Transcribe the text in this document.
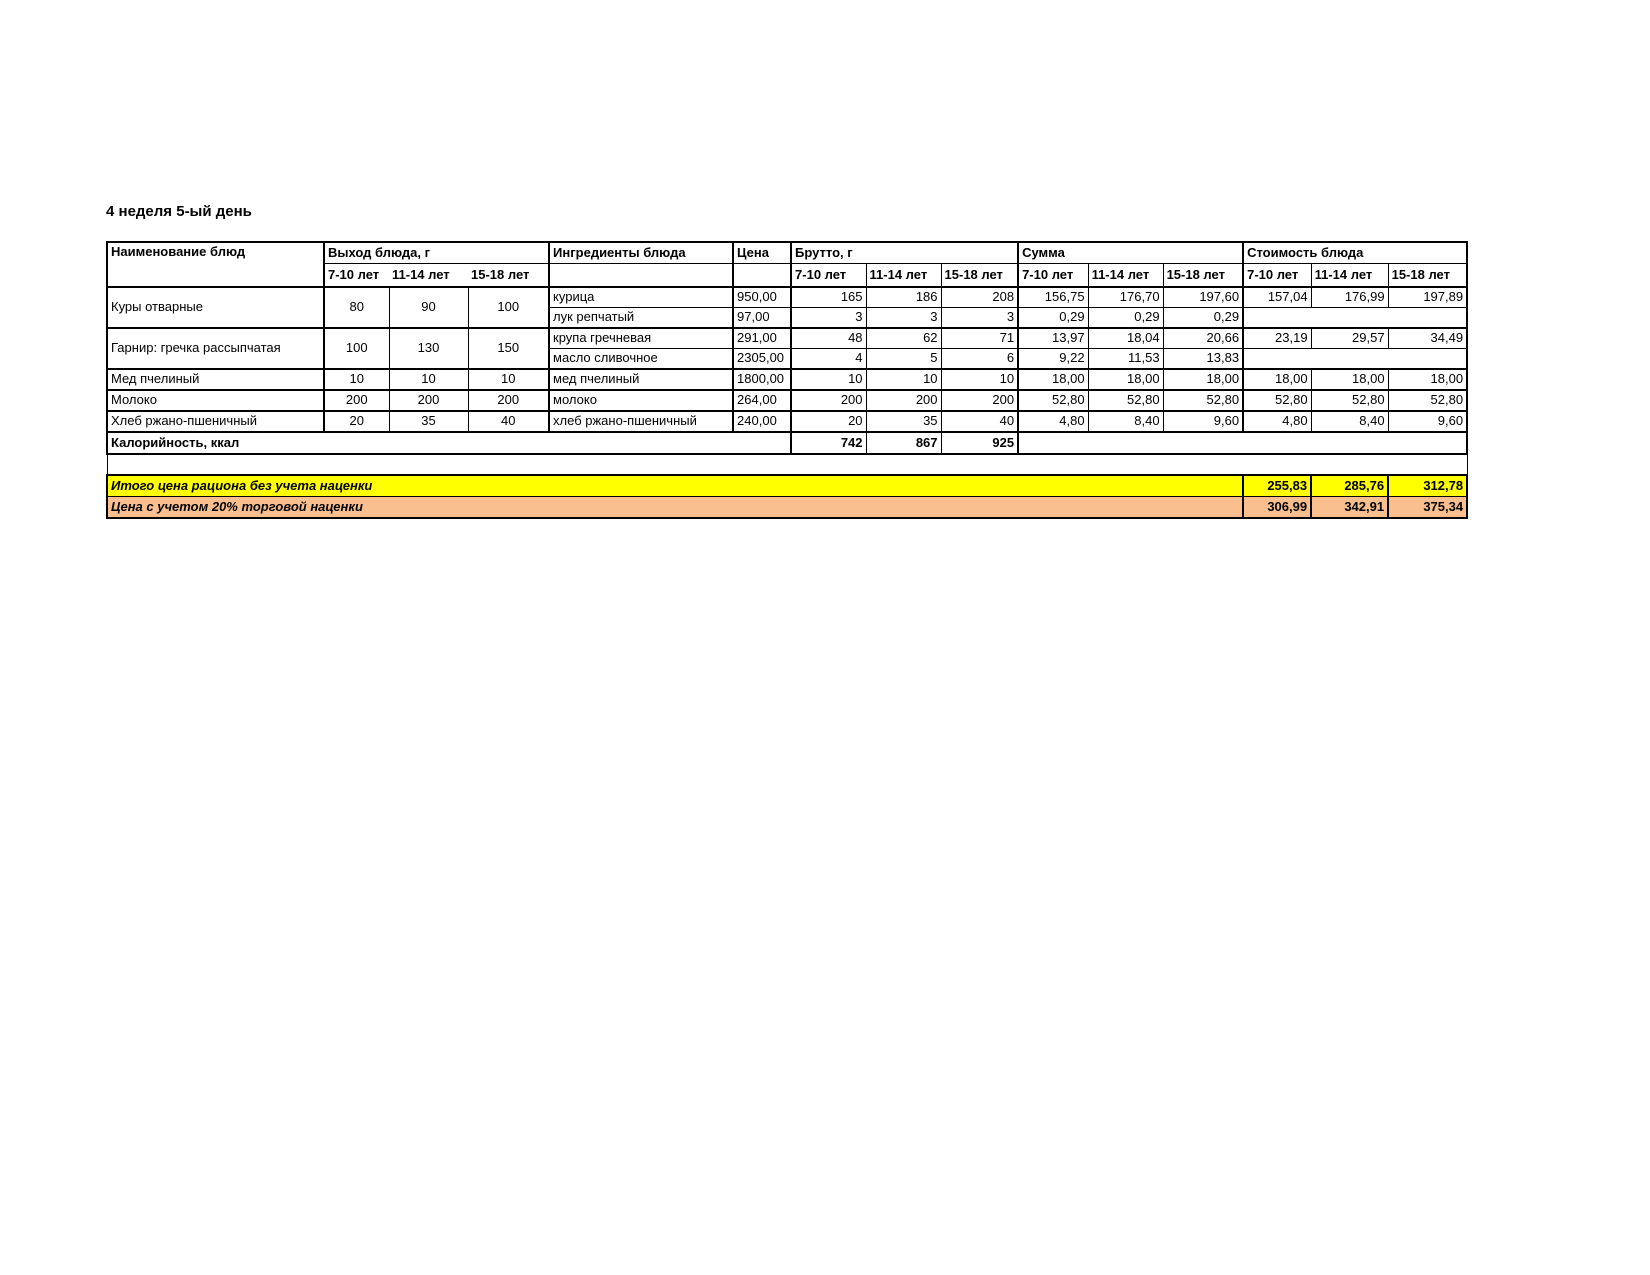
4 неделя 5-ый день
Наименование блюд	Выход блюда, г			Ингредиенты блюда	Цена	Брутто, г			Сумма			Стоимость блюда		
	7-10 лет	11-14 лет	15-18 лет			7-10 лет	11-14 лет	15-18 лет	7-10 лет	11-14 лет	15-18 лет	7-10 лет	11-14 лет	15-18 лет
Куры отварные	80	90	100	курица	950,00	165	186	208	156,75	176,70	197,60	157,04	176,99	197,89
				лук репчатый	97,00	3	3	3	0,29	0,29	0,29			
Гарнир: гречка рассыпчатая	100	130	150	крупа гречневая	291,00	48	62	71	13,97	18,04	20,66	23,19	29,57	34,49
				масло сливочное	2305,00	4	5	6	9,22	11,53	13,83			
Мед пчелиный	10	10	10	мед пчелиный	1800,00	10	10	10	18,00	18,00	18,00	18,00	18,00	18,00
Молоко	200	200	200	молоко	264,00	200	200	200	52,80	52,80	52,80	52,80	52,80	52,80
Хлеб ржано-пшеничный	20	35	40	хлеб ржано-пшеничный	240,00	20	35	40	4,80	8,40	9,60	4,80	8,40	9,60
Калорийность, ккал						742	867	925						

Итого цена рациона без учета наценки												255,83	285,76	312,78
Цена с учетом 20% торговой наценки												306,99	342,91	375,34
